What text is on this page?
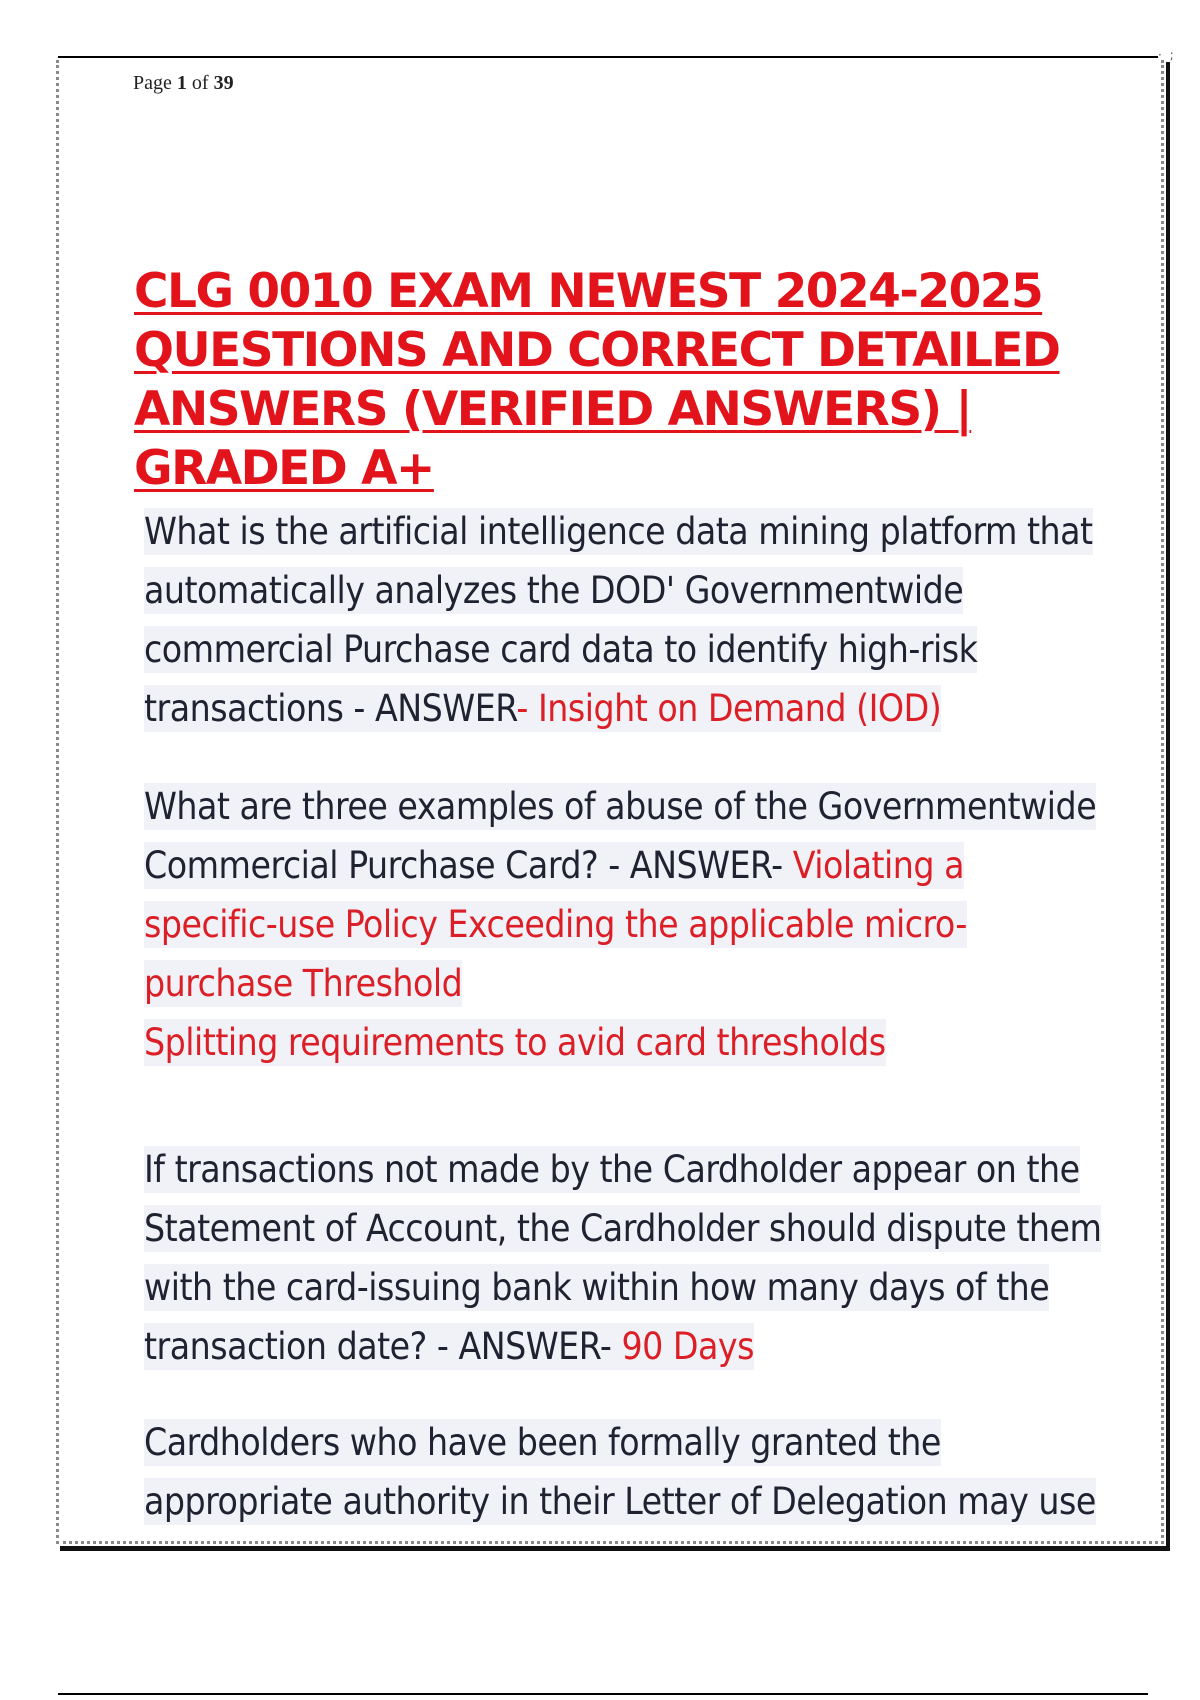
· ;
Page 1 of 39
CLG 0010 EXAM NEWEST 2024-2025 QUESTIONS AND CORRECT DETAILED ANSWERS (VERIFIED ANSWERS) | GRADED A+

What is the artificial intelligence data mining platform that automatically analyzes the DOD' Governmentwide commercial Purchase card data to identify high-risk transactions - ANSWER- Insight on Demand (IOD)

What are three examples of abuse of the Governmentwide Commercial Purchase Card? - ANSWER- Violating a specific-use Policy Exceeding the applicable micro-purchase Threshold
Splitting requirements to avid card thresholds

If transactions not made by the Cardholder appear on the Statement of Account, the Cardholder should dispute them with the card-issuing bank within how many days of the transaction date? - ANSWER- 90 Days

Cardholders who have been formally granted the appropriate authority in their Letter of Delegation may use
